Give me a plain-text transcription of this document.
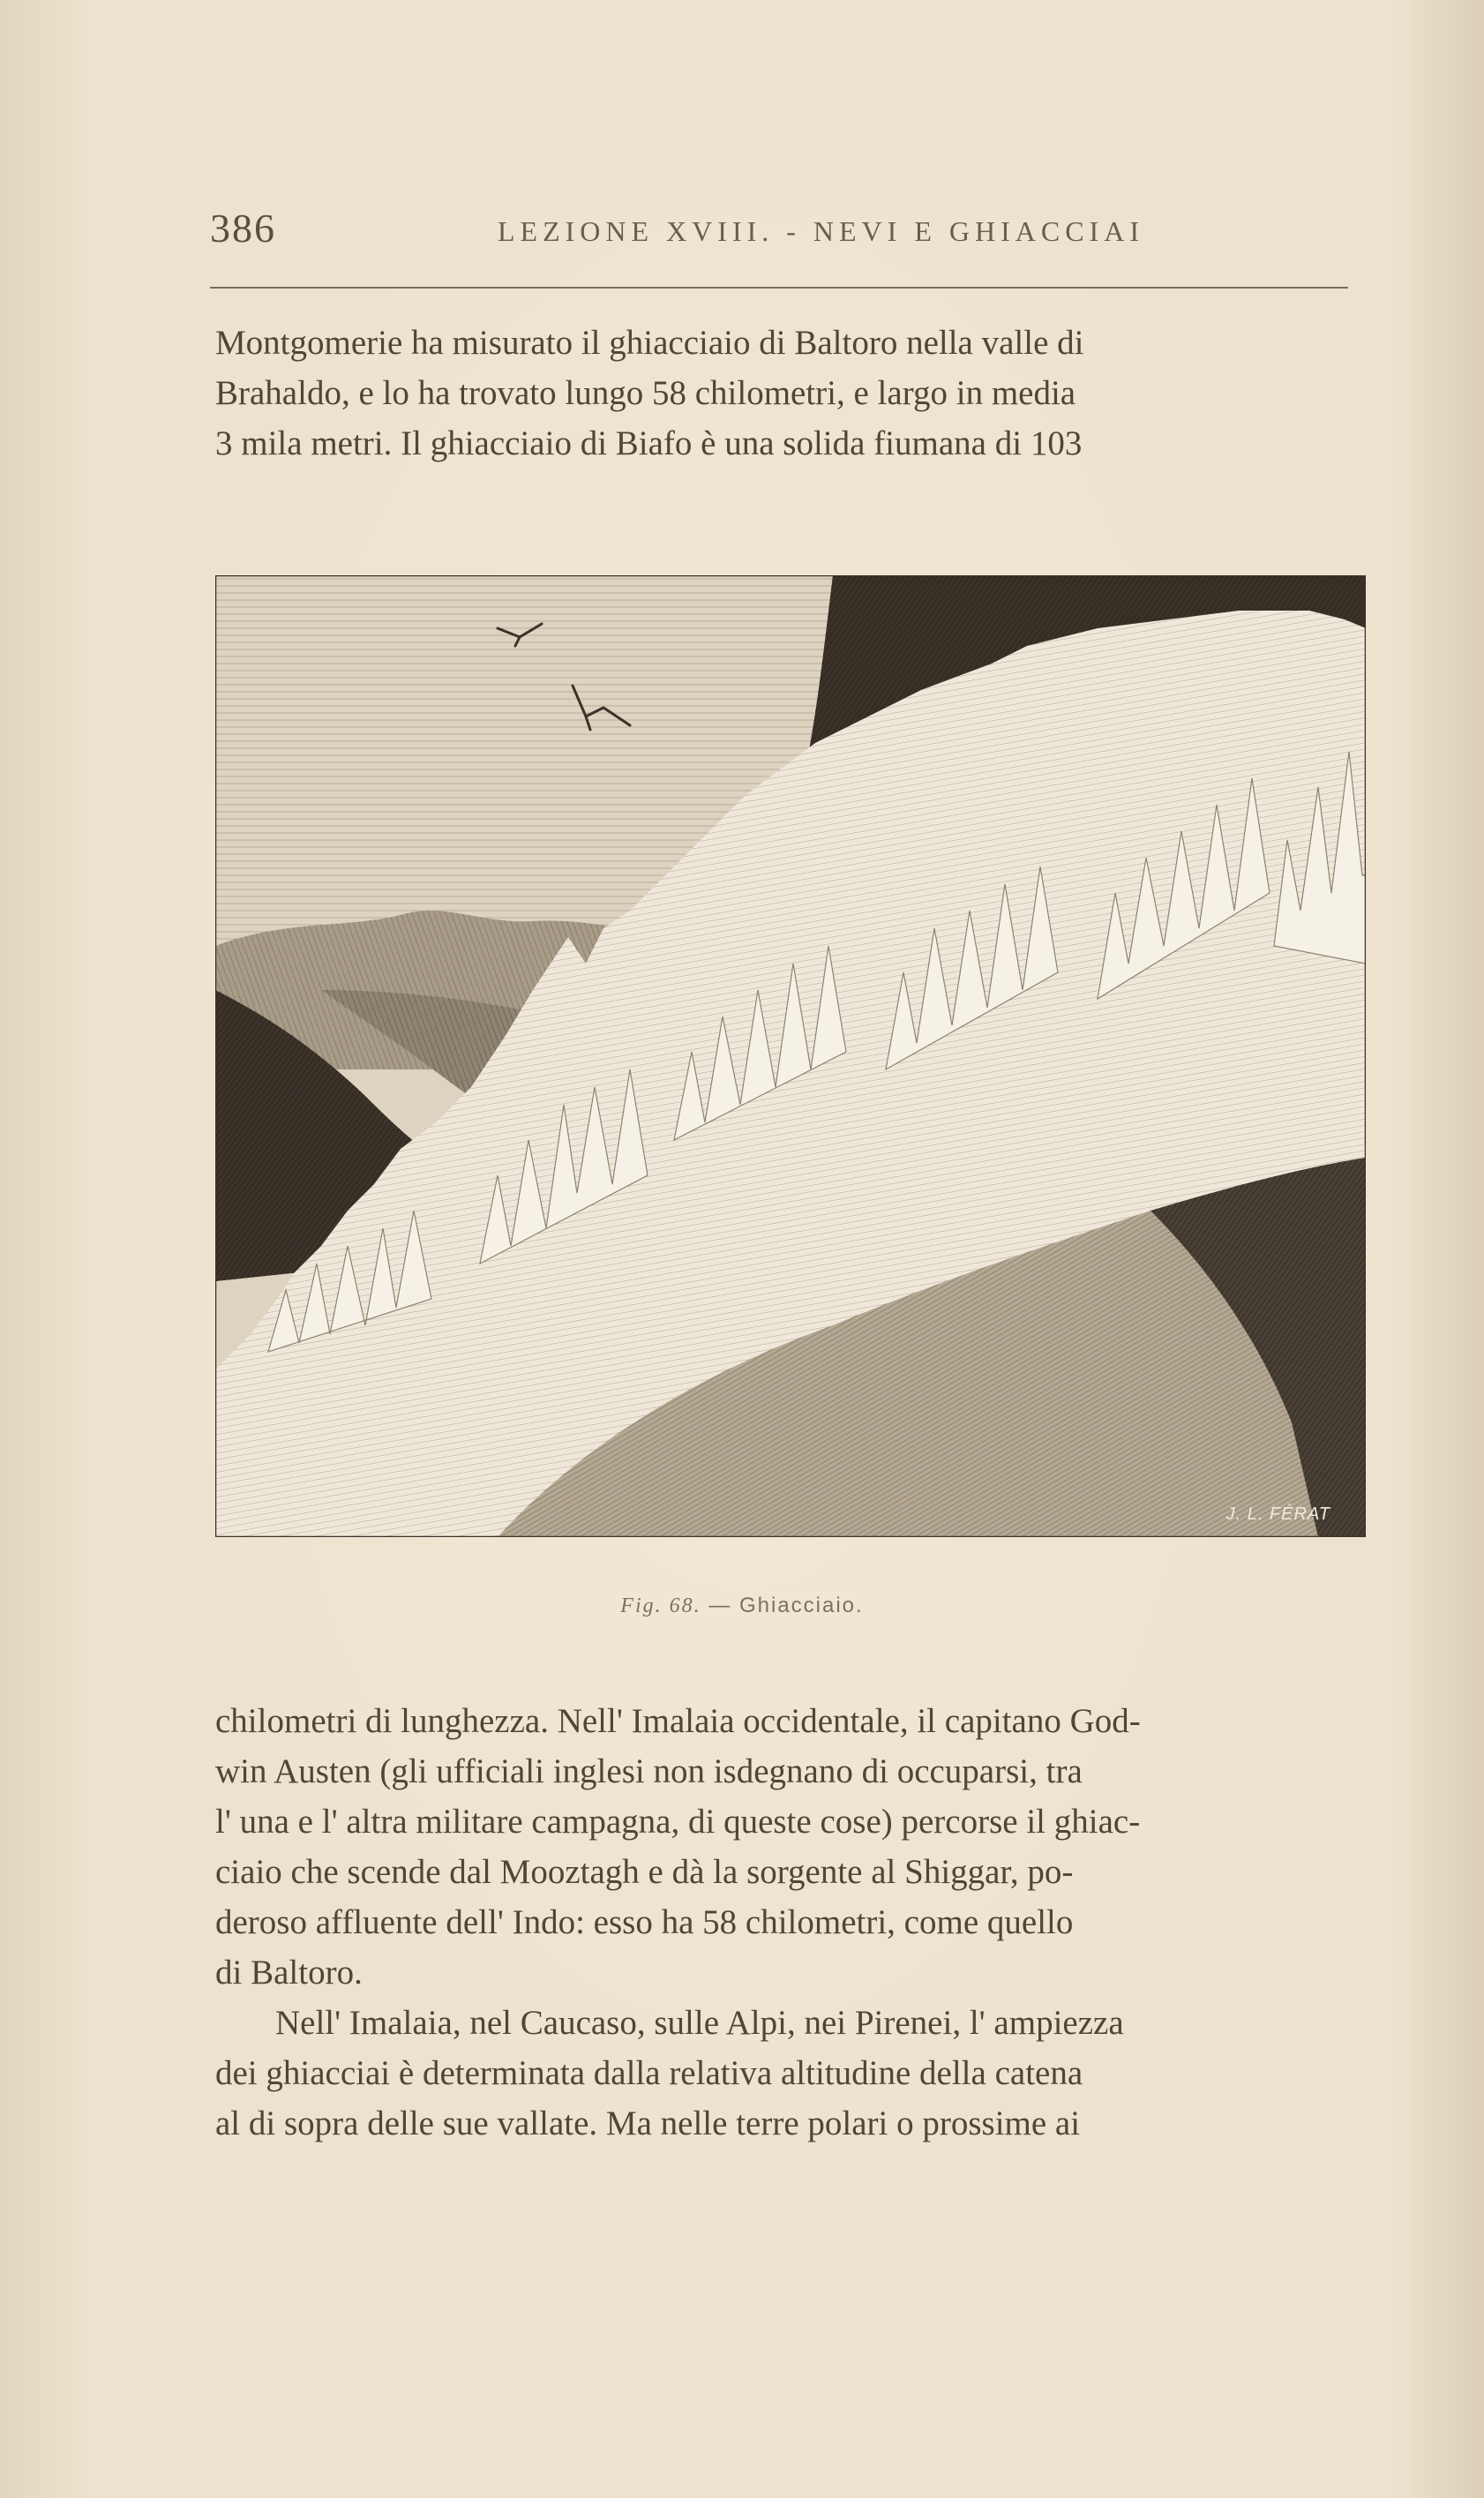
386	LEZIONE XVIII. - NEVI E GHIACCIAI

Montgomerie ha misurato il ghiacciaio di Baltoro nella valle di

Brahaldo, e lo ha trovato lungo 58 chilometri, e largo in media

3 mila metri. Il ghiacciaio di Biafo è una solida fiumana di 103

J. L. FÉRAT
Fig. 68. — Ghiacciaio.

chilometri di lunghezza. Nell' Imalaia occidentale, il capitano God-

win Austen (gli ufficiali inglesi non isdegnano di occuparsi, tra

l' una e l' altra militare campagna, di queste cose) percorse il ghiac-

ciaio che scende dal Mooztagh e dà la sorgente al Shiggar, po-

deroso affluente dell' Indo: esso ha 58 chilometri, come quello

di Baltoro.

Nell' Imalaia, nel Caucaso, sulle Alpi, nei Pirenei, l' ampiezza

dei ghiacciai è determinata dalla relativa altitudine della catena

al di sopra delle sue vallate. Ma nelle terre polari o prossime ai
